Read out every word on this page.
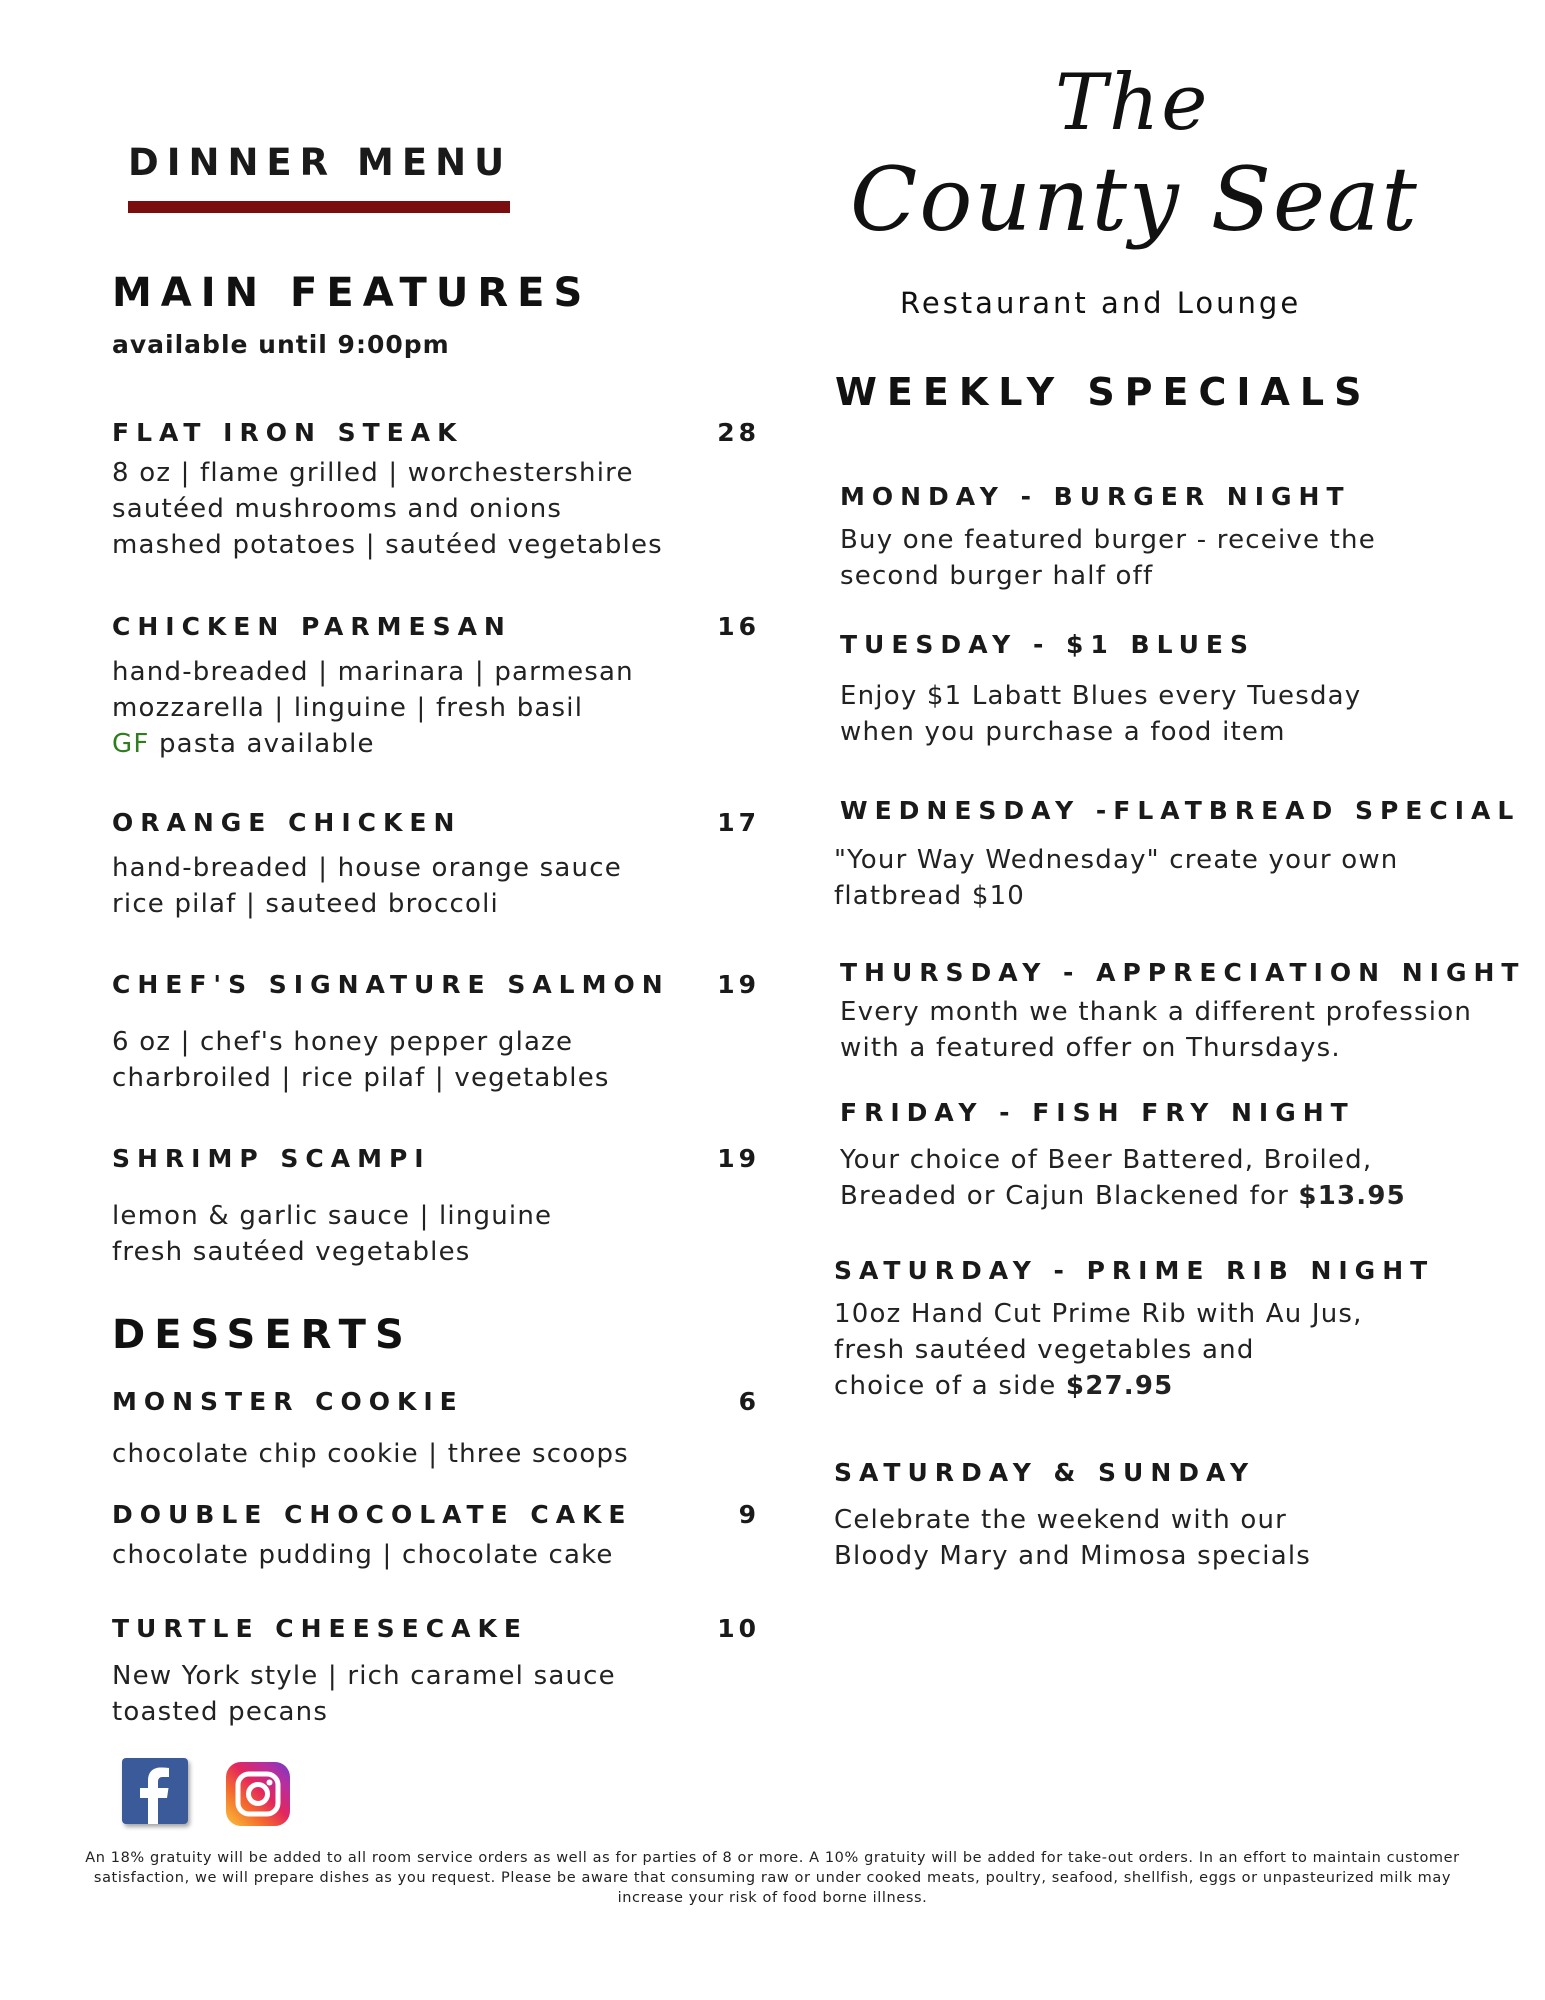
DINNER MENU
MAIN FEATURES
available until 9:00pm
FLAT IRON STEAK	28
8 oz | flame grilled | worchestershire
sautéed mushrooms and onions
mashed potatoes | sautéed vegetables
CHICKEN PARMESAN	16
hand-breaded | marinara | parmesan
mozzarella | linguine | fresh basil
GF pasta available
ORANGE CHICKEN	17
hand-breaded | house orange sauce
rice pilaf | sauteed broccoli
CHEF'S SIGNATURE SALMON	19
6 oz | chef's honey pepper glaze
charbroiled | rice pilaf | vegetables
SHRIMP SCAMPI	19
lemon & garlic sauce | linguine
fresh sautéed vegetables
DESSERTS
MONSTER COOKIE	6
chocolate chip cookie | three scoops
DOUBLE CHOCOLATE CAKE	9
chocolate pudding | chocolate cake
TURTLE CHEESECAKE	10
New York style | rich caramel sauce
toasted pecans
The
County Seat
Restaurant and Lounge
WEEKLY SPECIALS
MONDAY - BURGER NIGHT
Buy one featured burger - receive the
second burger half off
TUESDAY - $1 BLUES
Enjoy $1 Labatt Blues every Tuesday
when you purchase a food item
WEDNESDAY -FLATBREAD SPECIAL
"Your Way Wednesday" create your own
flatbread $10
THURSDAY - APPRECIATION NIGHT
Every month we thank a different profession
with a featured offer on Thursdays.
FRIDAY - FISH FRY NIGHT
Your choice of Beer Battered, Broiled,
Breaded or Cajun Blackened for $13.95
SATURDAY - PRIME RIB NIGHT
10oz Hand Cut Prime Rib with Au Jus,
fresh sautéed vegetables and
choice of a side $27.95
SATURDAY & SUNDAY
Celebrate the weekend with our
Bloody Mary and Mimosa specials
An 18% gratuity will be added to all room service orders as well as for parties of 8 or more. A 10% gratuity will be added for take-out orders. In an effort to maintain customer
satisfaction, we will prepare dishes as you request. Please be aware that consuming raw or under cooked meats, poultry, seafood, shellfish, eggs or unpasteurized milk may
increase your risk of food borne illness.
